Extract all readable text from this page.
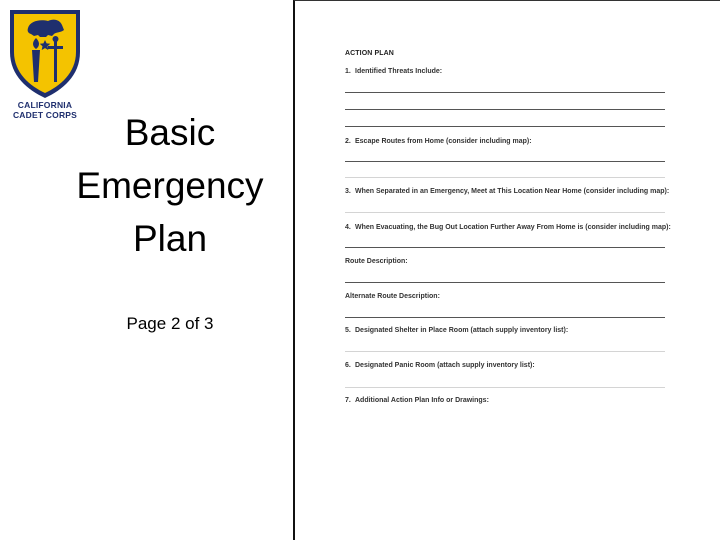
CALIFORNIA
CADET CORPS	Basic
Emergency
Plan
Page 2 of 3
ACTION PLAN
1. Identified Threats Include:
2. Escape Routes from Home (consider including map):
3. When Separated in an Emergency, Meet at This Location Near Home (consider including map):
4. When Evacuating, the Bug Out Location Further Away From Home is (consider including map):
Route Description:
Alternate Route Description:
5. Designated Shelter in Place Room (attach supply inventory list):
6. Designated Panic Room (attach supply inventory list):
7. Additional Action Plan Info or Drawings:
